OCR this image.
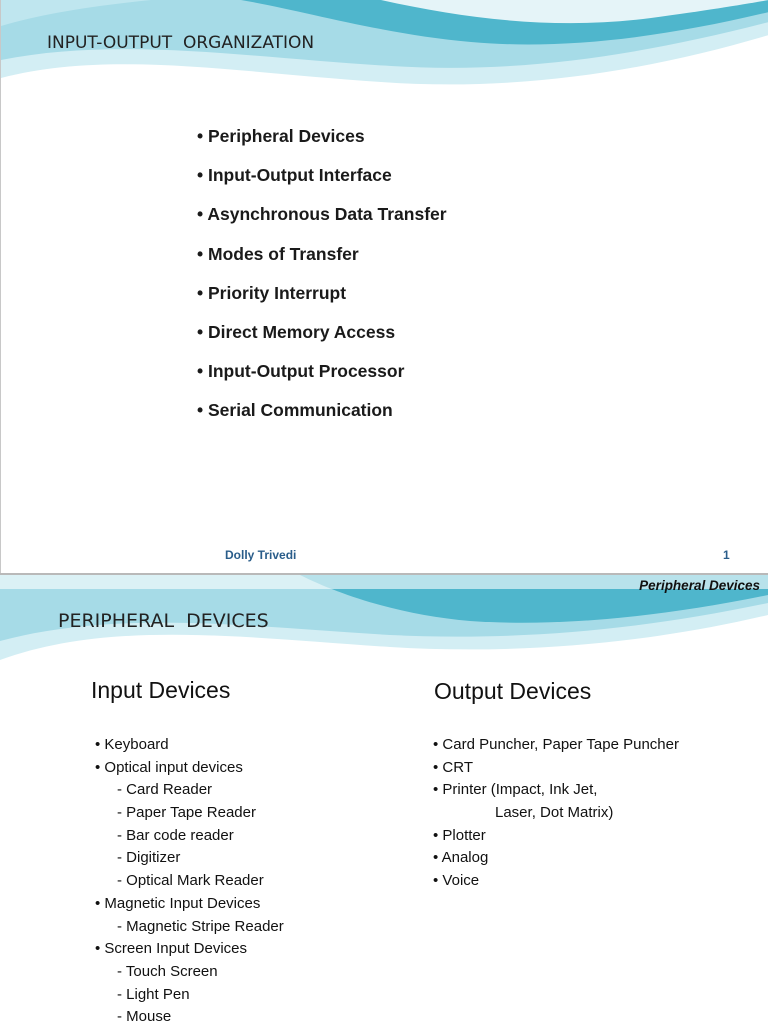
INPUT-OUTPUT  ORGANIZATION
• Peripheral Devices
• Input-Output Interface
• Asynchronous Data Transfer
• Modes of Transfer
• Priority Interrupt
• Direct Memory Access
• Input-Output Processor
• Serial Communication
Dolly Trivedi	1
Peripheral Devices
PERIPHERAL  DEVICES
Input Devices
• Keyboard
• Optical input devices
- Card Reader
- Paper Tape Reader
- Bar code reader
- Digitizer
- Optical Mark Reader
• Magnetic Input Devices
- Magnetic Stripe Reader
• Screen Input Devices
- Touch Screen
- Light Pen
- Mouse
Output Devices
• Card Puncher, Paper Tape Puncher
• CRT
• Printer (Impact, Ink Jet,
Laser, Dot Matrix)
• Plotter
• Analog
• Voice
